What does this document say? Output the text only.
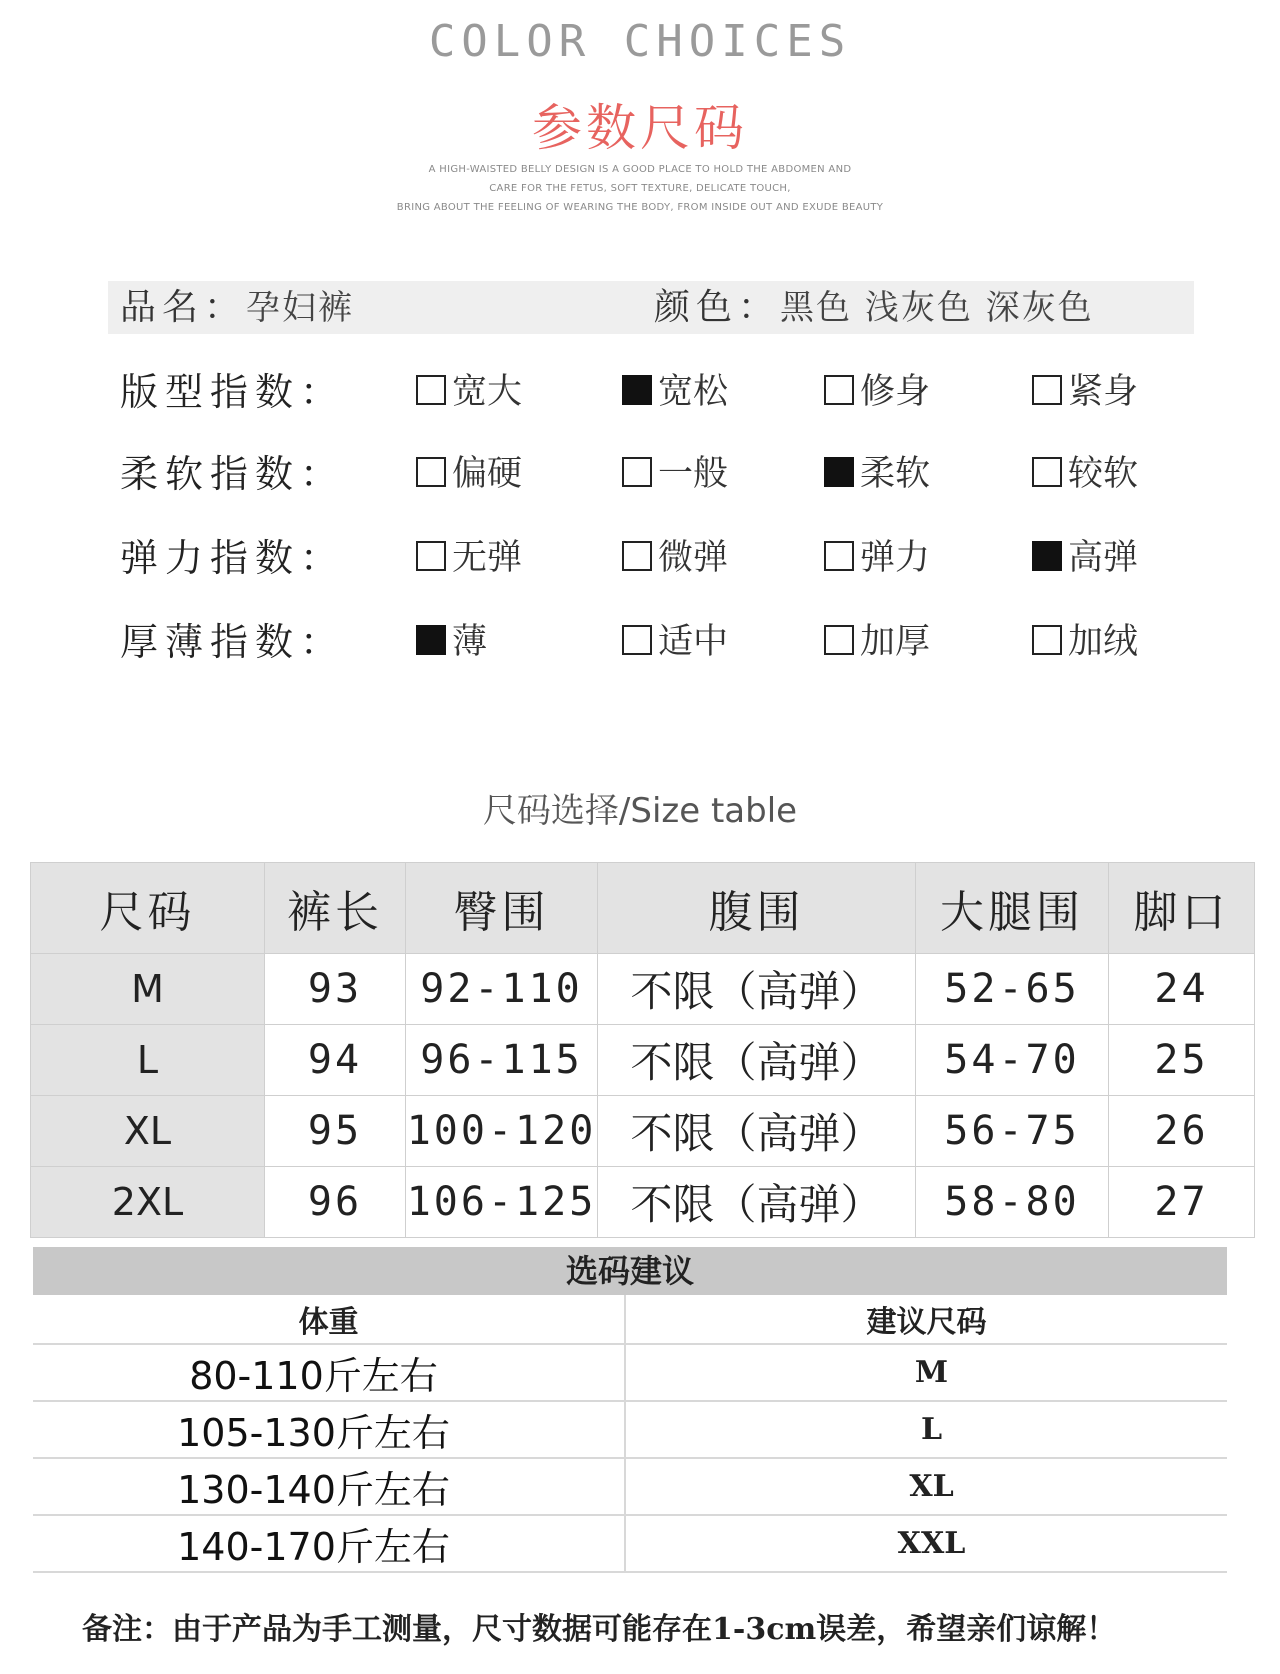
COLOR CHOICES
参数尺码
A HIGH-WAISTED BELLY DESIGN IS A GOOD PLACE TO HOLD THE ABDOMEN AND
CARE FOR THE FETUS, SOFT TEXTURE, DELICATE TOUCH,
BRING ABOUT THE FEELING OF WEARING THE BODY, FROM INSIDE OUT AND EXUDE BEAUTY
品名：孕妇裤	颜色：黑色 浅灰色 深灰色
版型指数：	宽大	宽松	修身	紧身
柔软指数：	偏硬	一般	柔软	较软
弹力指数：	无弹	微弹	弹力	高弹
厚薄指数：	薄	适中	加厚	加绒
尺码选择/Size table
尺码	裤长	臀围	腹围	大腿围	脚口
M	93	92-110	不限（高弹）	52-65	24
L	94	96-115	不限（高弹）	54-70	25
XL	95	100-120	不限（高弹）	56-75	26
2XL	96	106-125	不限（高弹）	58-80	27
选码建议
体重	建议尺码
80-110斤左右	M
105-130斤左右	L
130-140斤左右	XL
140-170斤左右	XXL
备注：由于产品为手工测量，尺寸数据可能存在1-3cm误差，希望亲们谅解！
